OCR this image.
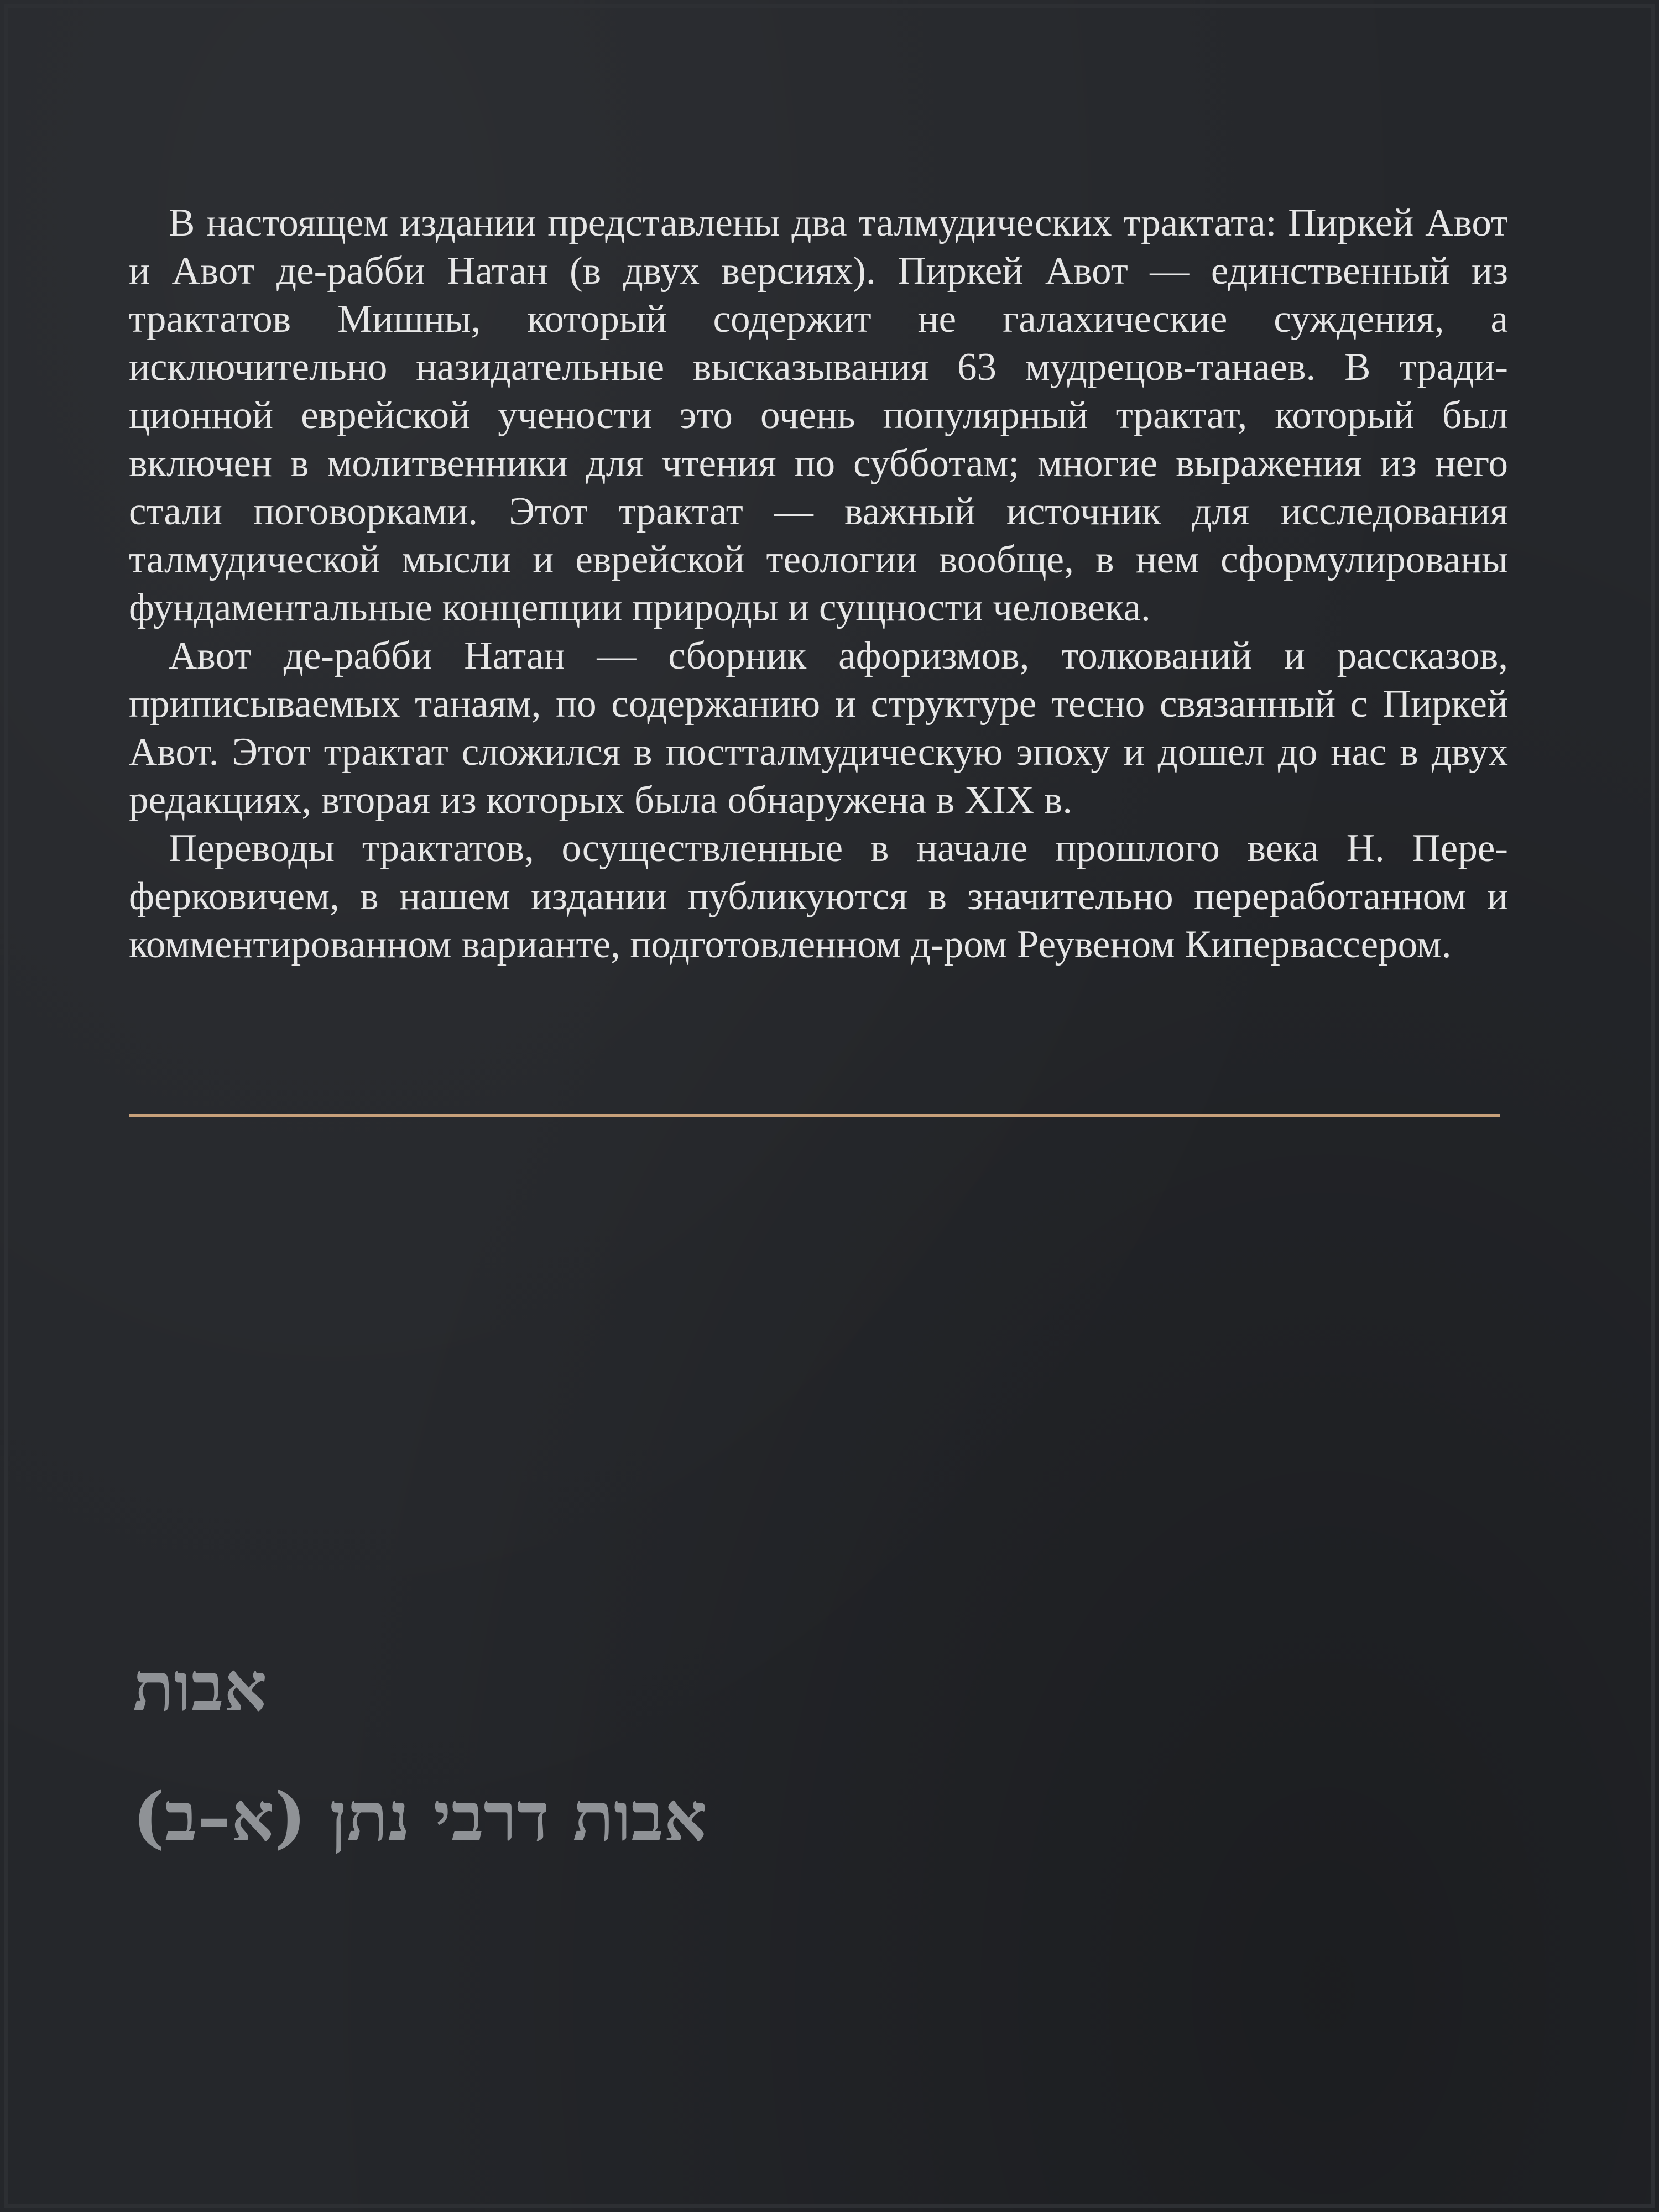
В настоящем издании представлены два талмудических трактата: Пиркей Авот и Авот де-рабби Натан (в двух версиях). Пиркей Авот — единственный из трактатов Мишны, который содержит не галахические суждения, а исключительно назидательные высказывания 63 мудрецов-танаев. В традиционной еврейской учености это очень популярный трактат, который был включен в молитвенники для чтения по субботам; многие выражения из него стали поговорками. Этот трактат — важный источник для исследования талмудической мысли и еврейской теологии вообще, в нем сформулированы фундаментальные концепции природы и сущности человека.

Авот де-рабби Натан — сборник афоризмов, толкований и рассказов, приписываемых танаям, по содержанию и структуре тесно связанный с Пиркей Авот. Этот трактат сложился в постталмудическую эпоху и дошел до нас в двух редакциях, вторая из которых была обнаружена в XIX в.

Переводы трактатов, осуществленные в начале прошлого века Н. Переферковичем, в нашем издании публикуются в значительно переработанном и комментированном варианте, подготовленном д-ром Реувеном Кипервассером.

אבות
אבות דרבי נתן (א–ב)
